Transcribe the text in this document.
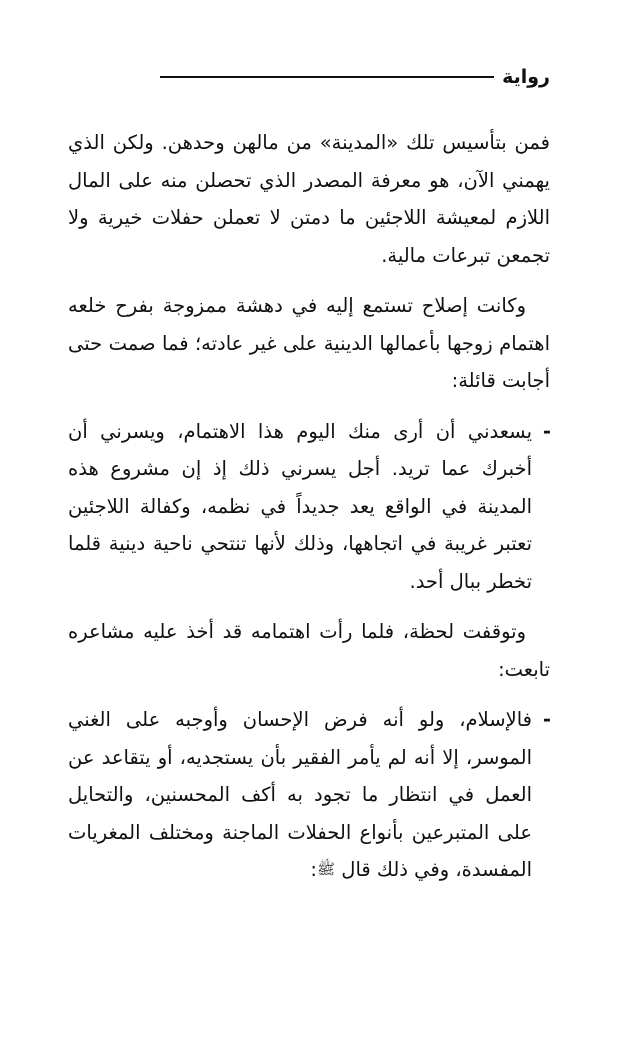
رواية

فمن بتأسيس تلك «المدينة» من مالهن وحدهن. ولكن الذي يهمني الآن، هو معرفة المصدر الذي تحصلن منه على المال اللازم لمعيشة اللاجئين ما دمتن لا تعملن حفلات خيرية ولا تجمعن تبرعات مالية.

وكانت إصلاح تستمع إليه في دهشة ممزوجة بفرح خلعه اهتمام زوجها بأعمالها الدينية على غير عادته؛ فما صمت حتى أجابت قائلة:

-
يسعدني أن أرى منك اليوم هذا الاهتمام، ويسرني أن أخبرك عما تريد. أجل يسرني ذلك إذ إن مشروع هذه المدينة في الواقع يعد جديداً في نظمه، وكفالة اللاجئين تعتبر غريبة في اتجاهها، وذلك لأنها تنتحي ناحية دينية قلما تخطر ببال أحد.

وتوقفت لحظة، فلما رأت اهتمامه قد أخذ عليه مشاعره تابعت:

-
فالإسلام، ولو أنه فرض الإحسان وأوجبه على الغني الموسر، إلا أنه لم يأمر الفقير بأن يستجديه، أو يتقاعد عن العمل في انتظار ما تجود به أكف المحسنين، والتحايل على المتبرعين بأنواع الحفلات الماجنة ومختلف المغريات المفسدة، وفي ذلك قال ﷺ:
